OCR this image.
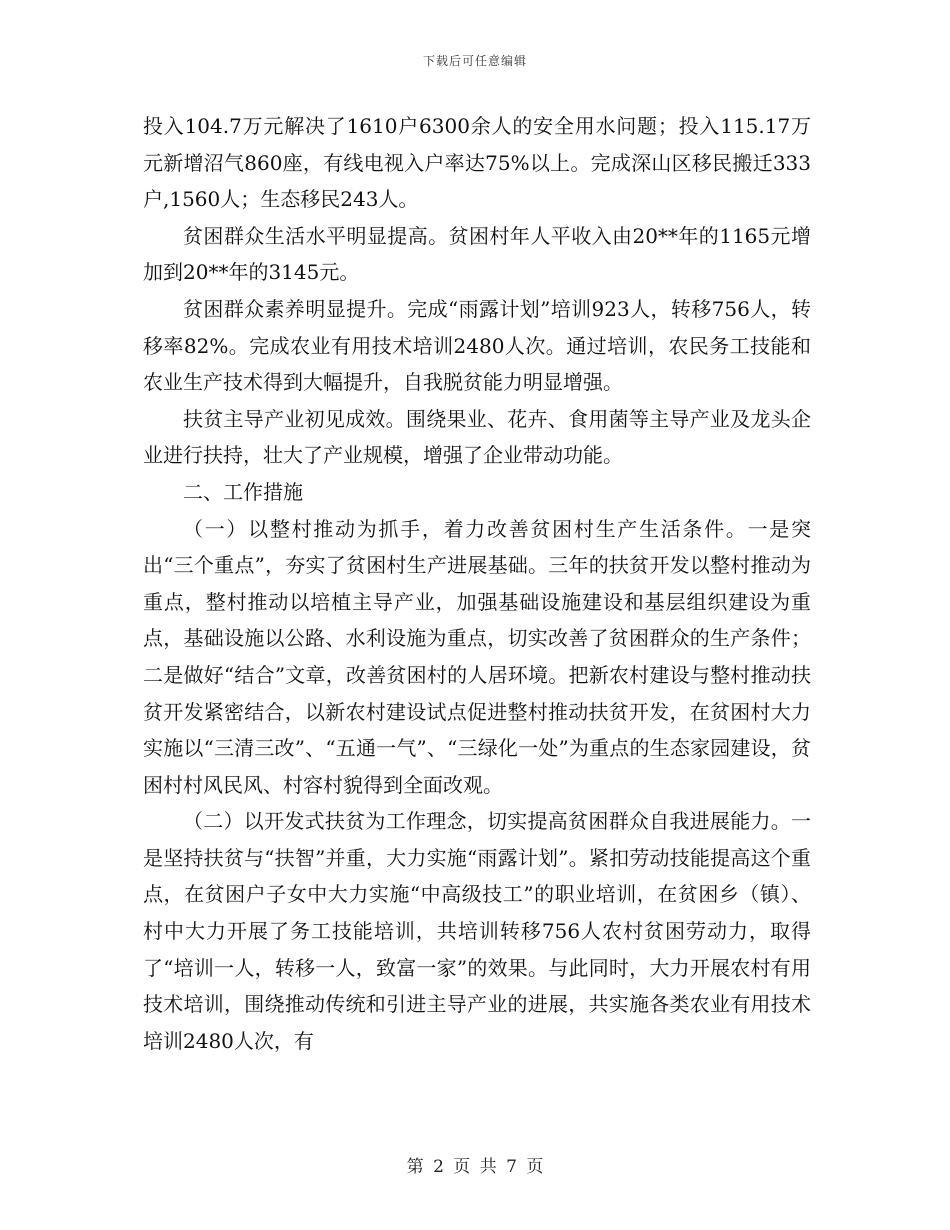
下载后可任意编辑

投入104.7万元解决了1610户6300余人的安全用水问题；投入115.17万元新增沼气860座，有线电视入户率达75%以上。完成深山区移民搬迁333户,1560人；生态移民243人。

贫困群众生活水平明显提高。贫困村年人平收入由20**年的1165元增加到20**年的3145元。

贫困群众素养明显提升。完成“雨露计划”培训923人，转移756人，转移率82%。完成农业有用技术培训2480人次。通过培训，农民务工技能和农业生产技术得到大幅提升，自我脱贫能力明显增强。

扶贫主导产业初见成效。围绕果业、花卉、食用菌等主导产业及龙头企业进行扶持，壮大了产业规模，增强了企业带动功能。

二、工作措施

（一）以整村推动为抓手，着力改善贫困村生产生活条件。一是突出“三个重点”，夯实了贫困村生产进展基础。三年的扶贫开发以整村推动为重点，整村推动以培植主导产业，加强基础设施建设和基层组织建设为重点，基础设施以公路、水利设施为重点，切实改善了贫困群众的生产条件；二是做好“结合”文章，改善贫困村的人居环境。把新农村建设与整村推动扶贫开发紧密结合，以新农村建设试点促进整村推动扶贫开发，在贫困村大力实施以“三清三改”、“五通一气”、“三绿化一处”为重点的生态家园建设，贫困村村风民风、村容村貌得到全面改观。

（二）以开发式扶贫为工作理念，切实提高贫困群众自我进展能力。一是坚持扶贫与“扶智”并重，大力实施“雨露计划”。紧扣劳动技能提高这个重点，在贫困户子女中大力实施“中高级技工”的职业培训，在贫困乡（镇）、村中大力开展了务工技能培训，共培训转移756人农村贫困劳动力，取得了“培训一人，转移一人，致富一家”的效果。与此同时，大力开展农村有用技术培训，围绕推动传统和引进主导产业的进展，共实施各类农业有用技术培训2480人次，有

第 2 页 共 7 页
